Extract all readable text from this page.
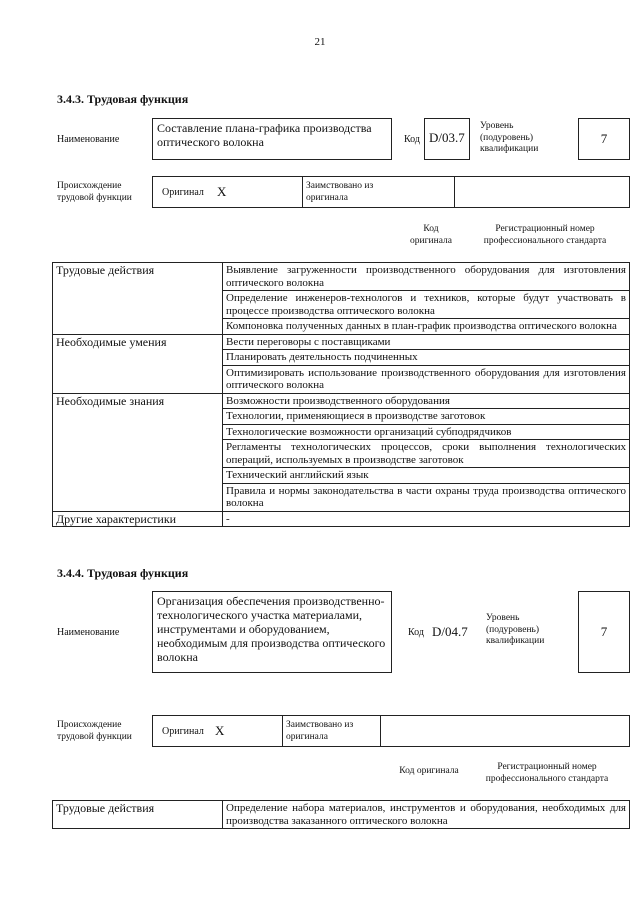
21
3.4.3. Трудовая функция
Наименование
Составление плана-графика производства оптического волокна	Код D/03.7
Уровень (подуровень) квалификации
7
Происхождение трудовой функции	Оригинал X	Заимствовано из оригинала
Код оригинала
Регистрационный номер профессионального стандарта
Трудовые действия	Выявление загруженности производственного оборудования для изготовления оптического волокна
	Определение инженеров-технологов и техников, которые будут участвовать в процессе производства оптического волокна
	Компоновка полученных данных в план-график производства оптического волокна
Необходимые умения	Вести переговоры с поставщиками
	Планировать деятельность подчиненных
	Оптимизировать использование производственного оборудования для изготовления оптического волокна
Необходимые знания	Возможности производственного оборудования
	Технологии, применяющиеся в производстве заготовок
	Технологические возможности организаций субподрядчиков
	Регламенты технологических процессов, сроки выполнения технологических операций, используемых в производстве заготовок
	Технический английский язык
	Правила и нормы законодательства в части охраны труда производства оптического волокна
Другие характеристики	-
3.4.4. Трудовая функция
Наименование
Организация обеспечения производственно-технологического участка материалами, инструментами и оборудованием, необходимым для производства оптического волокна
Код D/04.7
Уровень (подуровень) квалификации
7
Происхождение трудовой функции	Оригинал X	Заимствовано из оригинала
Код оригинала	Регистрационный номер профессионального стандарта
Трудовые действия	Определение набора материалов, инструментов и оборудования, необходимых для производства заказанного оптического волокна
